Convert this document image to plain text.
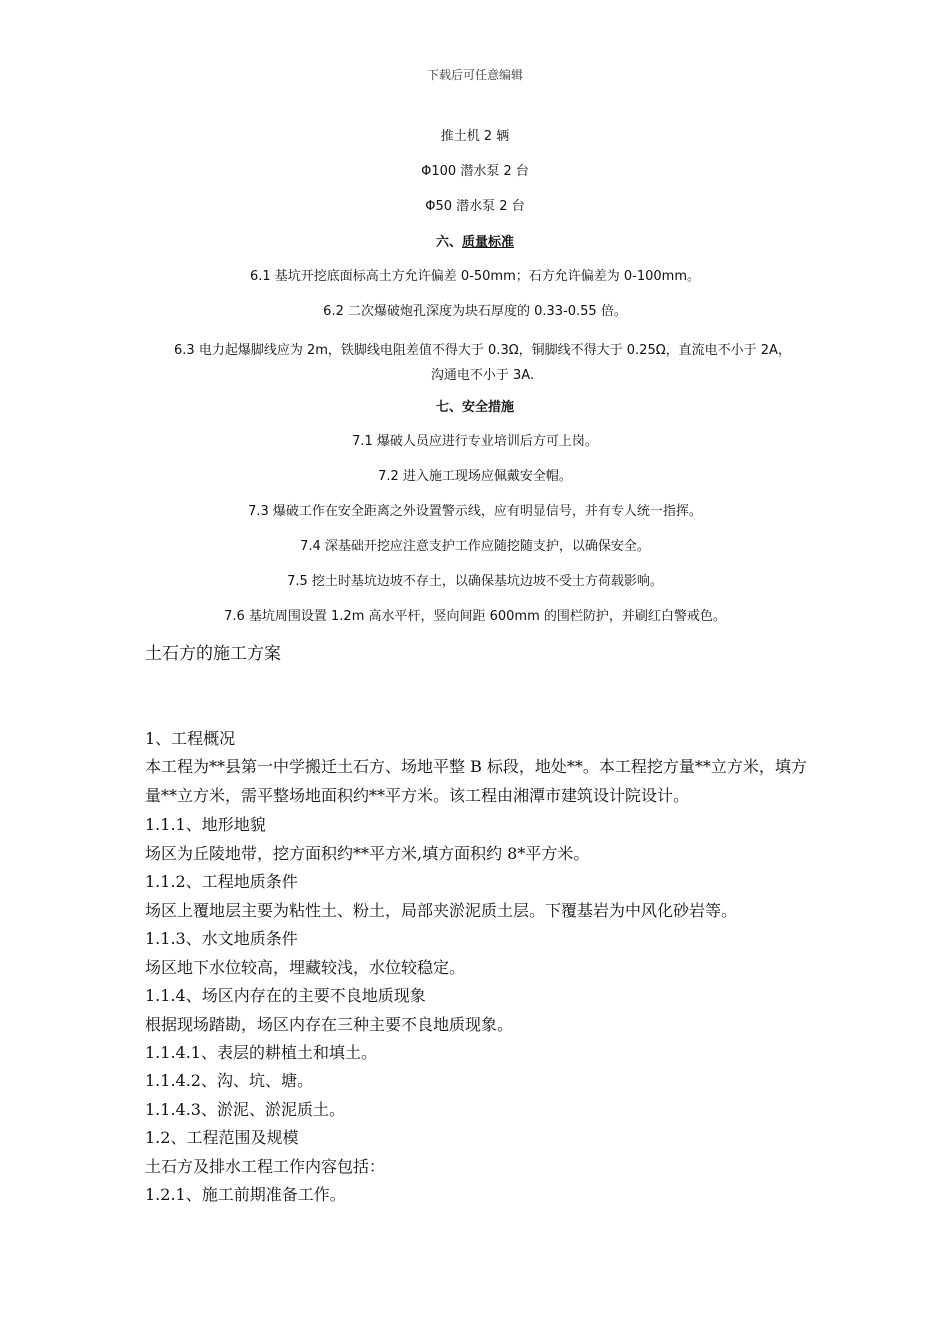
下载后可任意编辑
推土机 2 辆
Φ100 潜水泵 2 台
Φ50 潜水泵 2 台
六、质量标准
6.1 基坑开挖底面标高土方允许偏差 0-50mm；石方允许偏差为 0-100mm。
6.2 二次爆破炮孔深度为块石厚度的 0.33-0.55 倍。
6.3 电力起爆脚线应为 2m，铁脚线电阻差值不得大于 0.3Ω，铜脚线不得大于 0.25Ω，直流电不小于 2A，沟通电不小于 3A.
七、安全措施
7.1 爆破人员应进行专业培训后方可上岗。
7.2 进入施工现场应佩戴安全帽。
7.3 爆破工作在安全距离之外设置警示线，应有明显信号，并有专人统一指挥。
7.4 深基础开挖应注意支护工作应随挖随支护，以确保安全。
7.5 挖土时基坑边坡不存土，以确保基坑边坡不受土方荷载影响。
7.6 基坑周围设置 1.2m 高水平杆，竖向间距 600mm 的围栏防护，并刷红白警戒色。
土石方的施工方案
1、工程概况
本工程为**县第一中学搬迁土石方、场地平整 B 标段，地处**。本工程挖方量**立方米，填方量**立方米，需平整场地面积约**平方米。该工程由湘潭市建筑设计院设计。
1.1.1、地形地貌
场区为丘陵地带，挖方面积约**平方米,填方面积约 8*平方米。
1.1.2、工程地质条件
场区上覆地层主要为粘性土、粉土，局部夹淤泥质土层。下覆基岩为中风化砂岩等。
1.1.3、水文地质条件
场区地下水位较高，埋藏较浅，水位较稳定。
1.1.4、场区内存在的主要不良地质现象
根据现场踏勘，场区内存在三种主要不良地质现象。
1.1.4.1、表层的耕植土和填土。
1.1.4.2、沟、坑、塘。
1.1.4.3、淤泥、淤泥质土。
1.2、工程范围及规模
土石方及排水工程工作内容包括：
1.2.1、施工前期准备工作。
